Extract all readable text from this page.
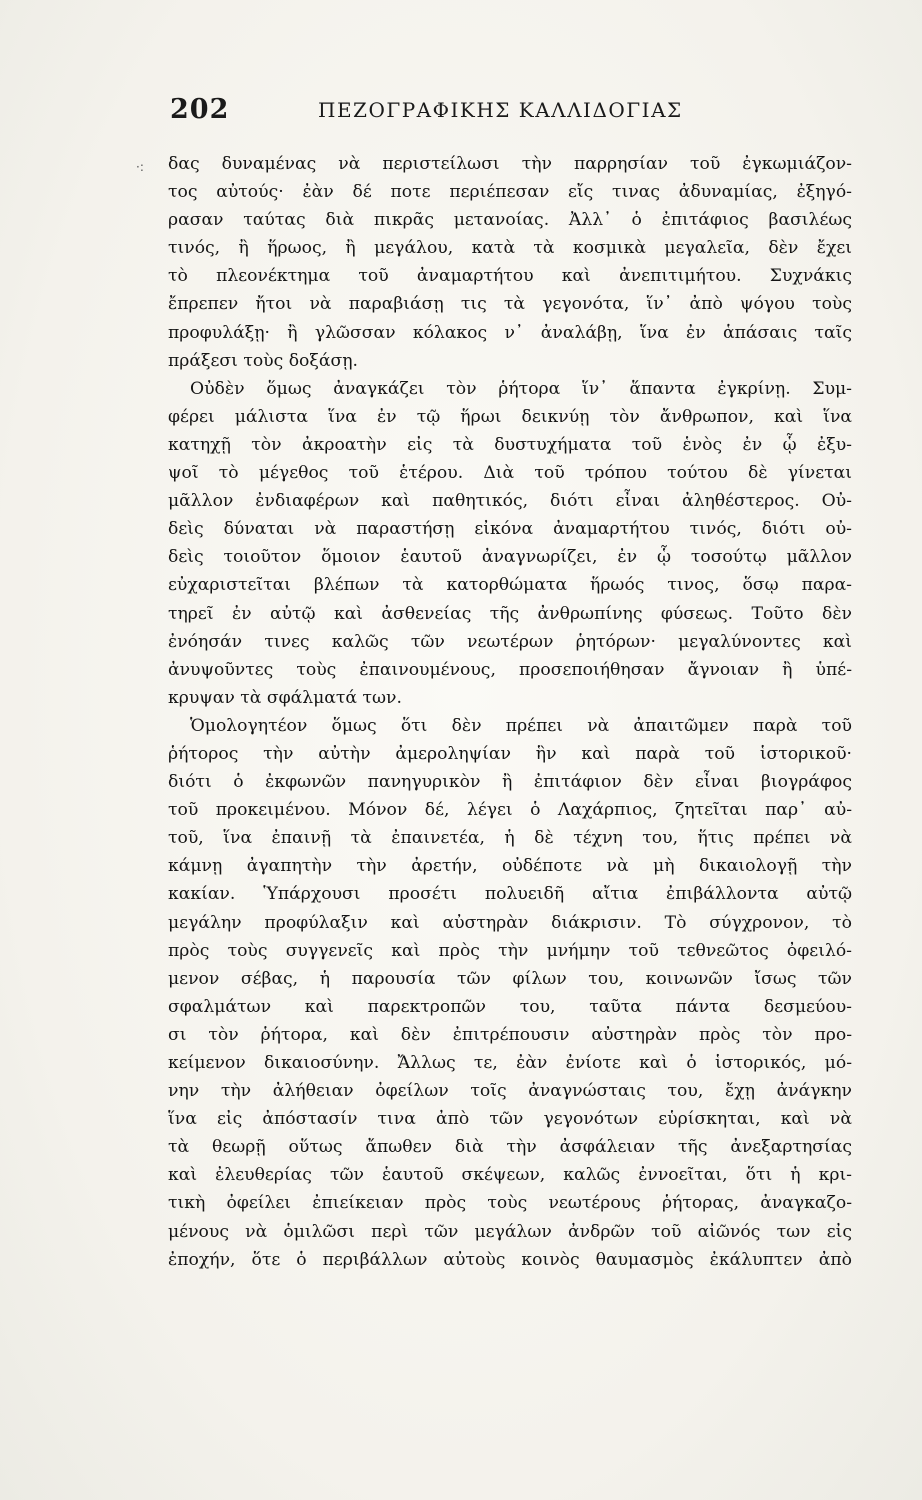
202	ΠΕΖΟΓΡΑΦΙΚΗΣ ΚΑΛΛΙΔΟΓΙΑΣ
·: δας δυναμένας νὰ περιστείλωσι τὴν παρρησίαν τοῦ ἐγκωμιάζον-
τος αὐτούς· ἐὰν δέ ποτε περιέπεσαν εἴς τινας ἀδυναμίας, ἐξηγό-
ρασαν ταύτας διὰ πικρᾶς μετανοίας. Ἀλλ᾽ ὁ ἐπιτάφιος βασιλέως
τινός, ἢ ἥρωος, ἢ μεγάλου, κατὰ τὰ κοσμικὰ μεγαλεῖα, δὲν ἔχει
τὸ πλεονέκτημα τοῦ ἀναμαρτήτου καὶ ἀνεπιτιμήτου. Συχνάκις
ἔπρεπεν ἤτοι νὰ παραβιάσῃ τις τὰ γεγονότα, ἵν᾽ ἀπὸ ψόγου τοὺς
προφυλάξῃ· ἢ γλῶσσαν κόλακος ν᾽ ἀναλάβῃ, ἵνα ἐν ἁπάσαις ταῖς
πράξεσι τοὺς δοξάσῃ.
Οὐδὲν ὅμως ἀναγκάζει τὸν ῥήτορα ἵν᾽ ἅπαντα ἐγκρίνῃ. Συμ-
φέρει μάλιστα ἵνα ἐν τῷ ἥρωι δεικνύῃ τὸν ἄνθρωπον, καὶ ἵνα
κατηχῇ τὸν ἀκροατὴν εἰς τὰ δυστυχήματα τοῦ ἑνὸς ἐν ᾧ ἐξυ-
ψοῖ τὸ μέγεθος τοῦ ἑτέρου. Διὰ τοῦ τρόπου τούτου δὲ γίνεται
μᾶλλον ἐνδιαφέρων καὶ παθητικός, διότι εἶναι ἀληθέστερος. Οὐ-
δεὶς δύναται νὰ παραστήσῃ εἰκόνα ἀναμαρτήτου τινός, διότι οὐ-
δεὶς τοιοῦτον ὅμοιον ἑαυτοῦ ἀναγνωρίζει, ἐν ᾧ τοσούτῳ μᾶλλον
εὐχαριστεῖται βλέπων τὰ κατορθώματα ἥρωός τινος, ὅσῳ παρα-
τηρεῖ ἐν αὐτῷ καὶ ἀσθενείας τῆς ἀνθρωπίνης φύσεως. Τοῦτο δὲν
ἐνόησάν τινες καλῶς τῶν νεωτέρων ῥητόρων· μεγαλύνοντες καὶ
ἀνυψοῦντες τοὺς ἐπαινουμένους, προσεποιήθησαν ἄγνοιαν ἢ ὑπέ-
κρυψαν τὰ σφάλματά των.
Ὁμολογητέον ὅμως ὅτι δὲν πρέπει νὰ ἀπαιτῶμεν παρὰ τοῦ
ῥήτορος τὴν αὐτὴν ἀμεροληψίαν ἣν καὶ παρὰ τοῦ ἱστορικοῦ·
διότι ὁ ἐκφωνῶν πανηγυρικὸν ἢ ἐπιτάφιον δὲν εἶναι βιογράφος
τοῦ προκειμένου. Μόνον δέ, λέγει ὁ Λαχάρπιος, ζητεῖται παρ᾽ αὐ-
τοῦ, ἵνα ἐπαινῇ τὰ ἐπαινετέα, ἡ δὲ τέχνη του, ἥτις πρέπει νὰ
κάμνῃ ἀγαπητὴν τὴν ἀρετήν, οὐδέποτε νὰ μὴ δικαιολογῇ τὴν
κακίαν. Ὑπάρχουσι προσέτι πολυειδῆ αἴτια ἐπιβάλλοντα αὐτῷ
μεγάλην προφύλαξιν καὶ αὐστηρὰν διάκρισιν. Τὸ σύγχρονον, τὸ
πρὸς τοὺς συγγενεῖς καὶ πρὸς τὴν μνήμην τοῦ τεθνεῶτος ὀφειλό-
μενον σέβας, ἡ παρουσία τῶν φίλων του, κοινωνῶν ἴσως τῶν
σφαλμάτων καὶ παρεκτροπῶν του, ταῦτα πάντα δεσμεύου-
σι τὸν ῥήτορα, καὶ δὲν ἐπιτρέπουσιν αὐστηρὰν πρὸς τὸν προ-
κείμενον δικαιοσύνην. Ἄλλως τε, ἐὰν ἐνίοτε καὶ ὁ ἱστορικός, μό-
νην τὴν ἀλήθειαν ὀφείλων τοῖς ἀναγνώσταις του, ἔχῃ ἀνάγκην
ἵνα εἰς ἀπόστασίν τινα ἀπὸ τῶν γεγονότων εὑρίσκηται, καὶ νὰ
τὰ θεωρῇ οὕτως ἄπωθεν διὰ τὴν ἀσφάλειαν τῆς ἀνεξαρτησίας
καὶ ἐλευθερίας τῶν ἑαυτοῦ σκέψεων, καλῶς ἐννοεῖται, ὅτι ἡ κρι-
τικὴ ὀφείλει ἐπιείκειαν πρὸς τοὺς νεωτέρους ῥήτορας, ἀναγκαζο-
μένους νὰ ὁμιλῶσι περὶ τῶν μεγάλων ἀνδρῶν τοῦ αἰῶνός των εἰς
ἐποχήν, ὅτε ὁ περιβάλλων αὐτοὺς κοινὸς θαυμασμὸς ἐκάλυπτεν ἀπὸ
